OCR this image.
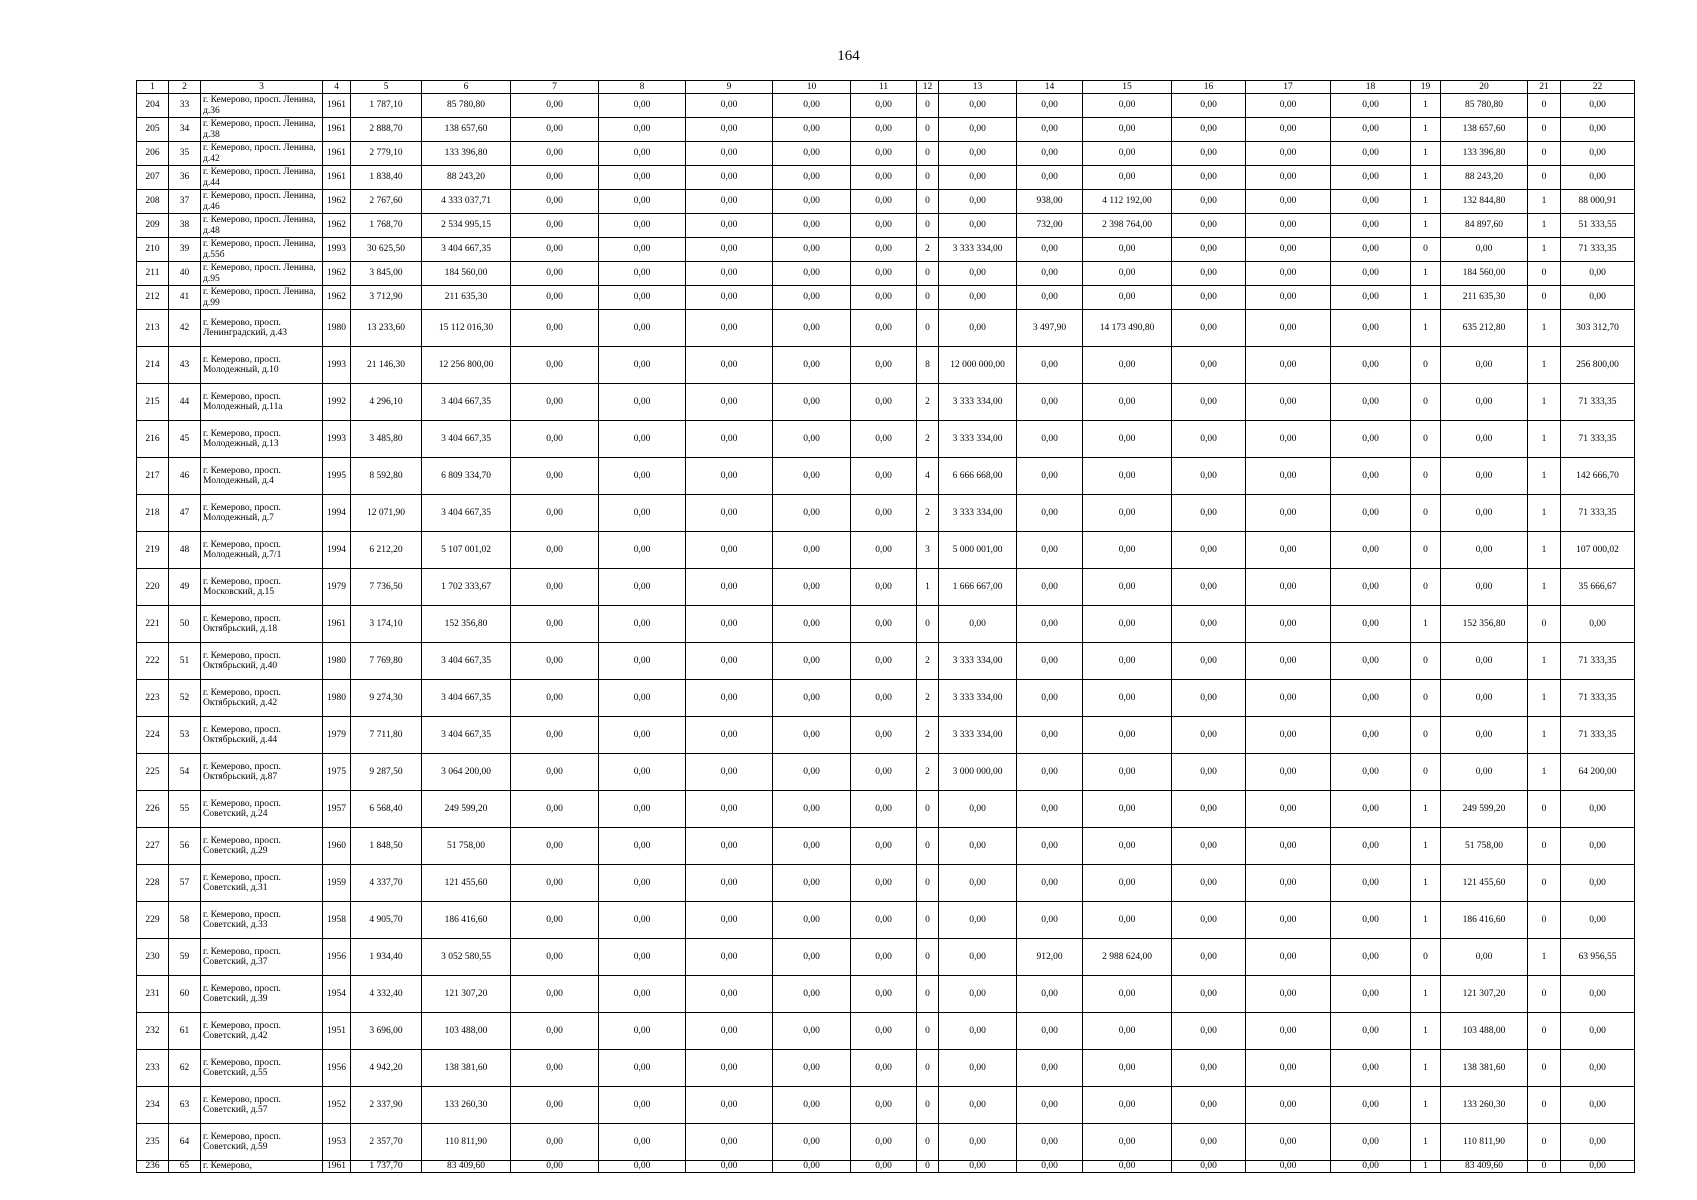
164
1	2	3	4	5	6	7	8	9	10	11	12	13	14	15	16	17	18	19	20	21	22
204	33	г. Кемерово, просп. Ленина, д.36	1961	1 787,10	85 780,80	0,00	0,00	0,00	0,00	0,00	0	0,00	0,00	0,00	0,00	0,00	0,00	1	85 780,80	0	0,00
205	34	г. Кемерово, просп. Ленина, д.38	1961	2 888,70	138 657,60	0,00	0,00	0,00	0,00	0,00	0	0,00	0,00	0,00	0,00	0,00	0,00	1	138 657,60	0	0,00
206	35	г. Кемерово, просп. Ленина, д.42	1961	2 779,10	133 396,80	0,00	0,00	0,00	0,00	0,00	0	0,00	0,00	0,00	0,00	0,00	0,00	1	133 396,80	0	0,00
207	36	г. Кемерово, просп. Ленина, д.44	1961	1 838,40	88 243,20	0,00	0,00	0,00	0,00	0,00	0	0,00	0,00	0,00	0,00	0,00	0,00	1	88 243,20	0	0,00
208	37	г. Кемерово, просп. Ленина, д.46	1962	2 767,60	4 333 037,71	0,00	0,00	0,00	0,00	0,00	0	0,00	938,00	4 112 192,00	0,00	0,00	0,00	1	132 844,80	1	88 000,91
209	38	г. Кемерово, просп. Ленина, д.48	1962	1 768,70	2 534 995,15	0,00	0,00	0,00	0,00	0,00	0	0,00	732,00	2 398 764,00	0,00	0,00	0,00	1	84 897,60	1	51 333,55
210	39	г. Кемерово, просп. Ленина, д.55б	1993	30 625,50	3 404 667,35	0,00	0,00	0,00	0,00	0,00	2	3 333 334,00	0,00	0,00	0,00	0,00	0,00	0	0,00	1	71 333,35
211	40	г. Кемерово, просп. Ленина, д.95	1962	3 845,00	184 560,00	0,00	0,00	0,00	0,00	0,00	0	0,00	0,00	0,00	0,00	0,00	0,00	1	184 560,00	0	0,00
212	41	г. Кемерово, просп. Ленина, д.99	1962	3 712,90	211 635,30	0,00	0,00	0,00	0,00	0,00	0	0,00	0,00	0,00	0,00	0,00	0,00	1	211 635,30	0	0,00
213	42	г. Кемерово, просп. Ленинградский, д.43	1980	13 233,60	15 112 016,30	0,00	0,00	0,00	0,00	0,00	0	0,00	3 497,90	14 173 490,80	0,00	0,00	0,00	1	635 212,80	1	303 312,70
214	43	г. Кемерово, просп. Молодежный, д.10	1993	21 146,30	12 256 800,00	0,00	0,00	0,00	0,00	0,00	8	12 000 000,00	0,00	0,00	0,00	0,00	0,00	0	0,00	1	256 800,00
215	44	г. Кемерово, просп. Молодежный, д.11а	1992	4 296,10	3 404 667,35	0,00	0,00	0,00	0,00	0,00	2	3 333 334,00	0,00	0,00	0,00	0,00	0,00	0	0,00	1	71 333,35
216	45	г. Кемерово, просп. Молодежный, д.13	1993	3 485,80	3 404 667,35	0,00	0,00	0,00	0,00	0,00	2	3 333 334,00	0,00	0,00	0,00	0,00	0,00	0	0,00	1	71 333,35
217	46	г. Кемерово, просп. Молодежный, д.4	1995	8 592,80	6 809 334,70	0,00	0,00	0,00	0,00	0,00	4	6 666 668,00	0,00	0,00	0,00	0,00	0,00	0	0,00	1	142 666,70
218	47	г. Кемерово, просп. Молодежный, д.7	1994	12 071,90	3 404 667,35	0,00	0,00	0,00	0,00	0,00	2	3 333 334,00	0,00	0,00	0,00	0,00	0,00	0	0,00	1	71 333,35
219	48	г. Кемерово, просп. Молодежный, д.7/1	1994	6 212,20	5 107 001,02	0,00	0,00	0,00	0,00	0,00	3	5 000 001,00	0,00	0,00	0,00	0,00	0,00	0	0,00	1	107 000,02
220	49	г. Кемерово, просп. Московский, д.15	1979	7 736,50	1 702 333,67	0,00	0,00	0,00	0,00	0,00	1	1 666 667,00	0,00	0,00	0,00	0,00	0,00	0	0,00	1	35 666,67
221	50	г. Кемерово, просп. Октябрьский, д.18	1961	3 174,10	152 356,80	0,00	0,00	0,00	0,00	0,00	0	0,00	0,00	0,00	0,00	0,00	0,00	1	152 356,80	0	0,00
222	51	г. Кемерово, просп. Октябрьский, д.40	1980	7 769,80	3 404 667,35	0,00	0,00	0,00	0,00	0,00	2	3 333 334,00	0,00	0,00	0,00	0,00	0,00	0	0,00	1	71 333,35
223	52	г. Кемерово, просп. Октябрьский, д.42	1980	9 274,30	3 404 667,35	0,00	0,00	0,00	0,00	0,00	2	3 333 334,00	0,00	0,00	0,00	0,00	0,00	0	0,00	1	71 333,35
224	53	г. Кемерово, просп. Октябрьский, д.44	1979	7 711,80	3 404 667,35	0,00	0,00	0,00	0,00	0,00	2	3 333 334,00	0,00	0,00	0,00	0,00	0,00	0	0,00	1	71 333,35
225	54	г. Кемерово, просп. Октябрьский, д.87	1975	9 287,50	3 064 200,00	0,00	0,00	0,00	0,00	0,00	2	3 000 000,00	0,00	0,00	0,00	0,00	0,00	0	0,00	1	64 200,00
226	55	г. Кемерово, просп. Советский, д.24	1957	6 568,40	249 599,20	0,00	0,00	0,00	0,00	0,00	0	0,00	0,00	0,00	0,00	0,00	0,00	1	249 599,20	0	0,00
227	56	г. Кемерово, просп. Советский, д.29	1960	1 848,50	51 758,00	0,00	0,00	0,00	0,00	0,00	0	0,00	0,00	0,00	0,00	0,00	0,00	1	51 758,00	0	0,00
228	57	г. Кемерово, просп. Советский, д.31	1959	4 337,70	121 455,60	0,00	0,00	0,00	0,00	0,00	0	0,00	0,00	0,00	0,00	0,00	0,00	1	121 455,60	0	0,00
229	58	г. Кемерово, просп. Советский, д.33	1958	4 905,70	186 416,60	0,00	0,00	0,00	0,00	0,00	0	0,00	0,00	0,00	0,00	0,00	0,00	1	186 416,60	0	0,00
230	59	г. Кемерово, просп. Советский, д.37	1956	1 934,40	3 052 580,55	0,00	0,00	0,00	0,00	0,00	0	0,00	912,00	2 988 624,00	0,00	0,00	0,00	0	0,00	1	63 956,55
231	60	г. Кемерово, просп. Советский, д.39	1954	4 332,40	121 307,20	0,00	0,00	0,00	0,00	0,00	0	0,00	0,00	0,00	0,00	0,00	0,00	1	121 307,20	0	0,00
232	61	г. Кемерово, просп. Советский, д.42	1951	3 696,00	103 488,00	0,00	0,00	0,00	0,00	0,00	0	0,00	0,00	0,00	0,00	0,00	0,00	1	103 488,00	0	0,00
233	62	г. Кемерово, просп. Советский, д.55	1956	4 942,20	138 381,60	0,00	0,00	0,00	0,00	0,00	0	0,00	0,00	0,00	0,00	0,00	0,00	1	138 381,60	0	0,00
234	63	г. Кемерово, просп. Советский, д.57	1952	2 337,90	133 260,30	0,00	0,00	0,00	0,00	0,00	0	0,00	0,00	0,00	0,00	0,00	0,00	1	133 260,30	0	0,00
235	64	г. Кемерово, просп. Советский, д.59	1953	2 357,70	110 811,90	0,00	0,00	0,00	0,00	0,00	0	0,00	0,00	0,00	0,00	0,00	0,00	1	110 811,90	0	0,00
236	65	г. Кемерово,	1961	1 737,70	83 409,60	0,00	0,00	0,00	0,00	0,00	0	0,00	0,00	0,00	0,00	0,00	0,00	1	83 409,60	0	0,00
